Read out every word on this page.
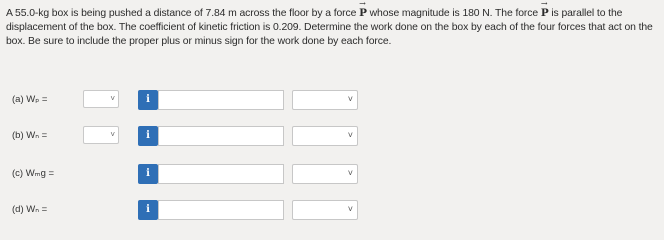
A 55.0-kg box is being pushed a distance of 7.84 m across the floor by a force → P whose magnitude is 180 N. The force → P is parallel to the displacement of the box. The coefficient of kinetic friction is 0.209. Determine the work done on the box by each of the four forces that act on the box. Be sure to include the proper plus or minus sign for the work done by each force.
(a) Wₚ =	˅	i	˅
(b) Wₙ =	˅	i	˅
(c) Wₘg =	i	˅
(d) Wₙ =	i	˅
